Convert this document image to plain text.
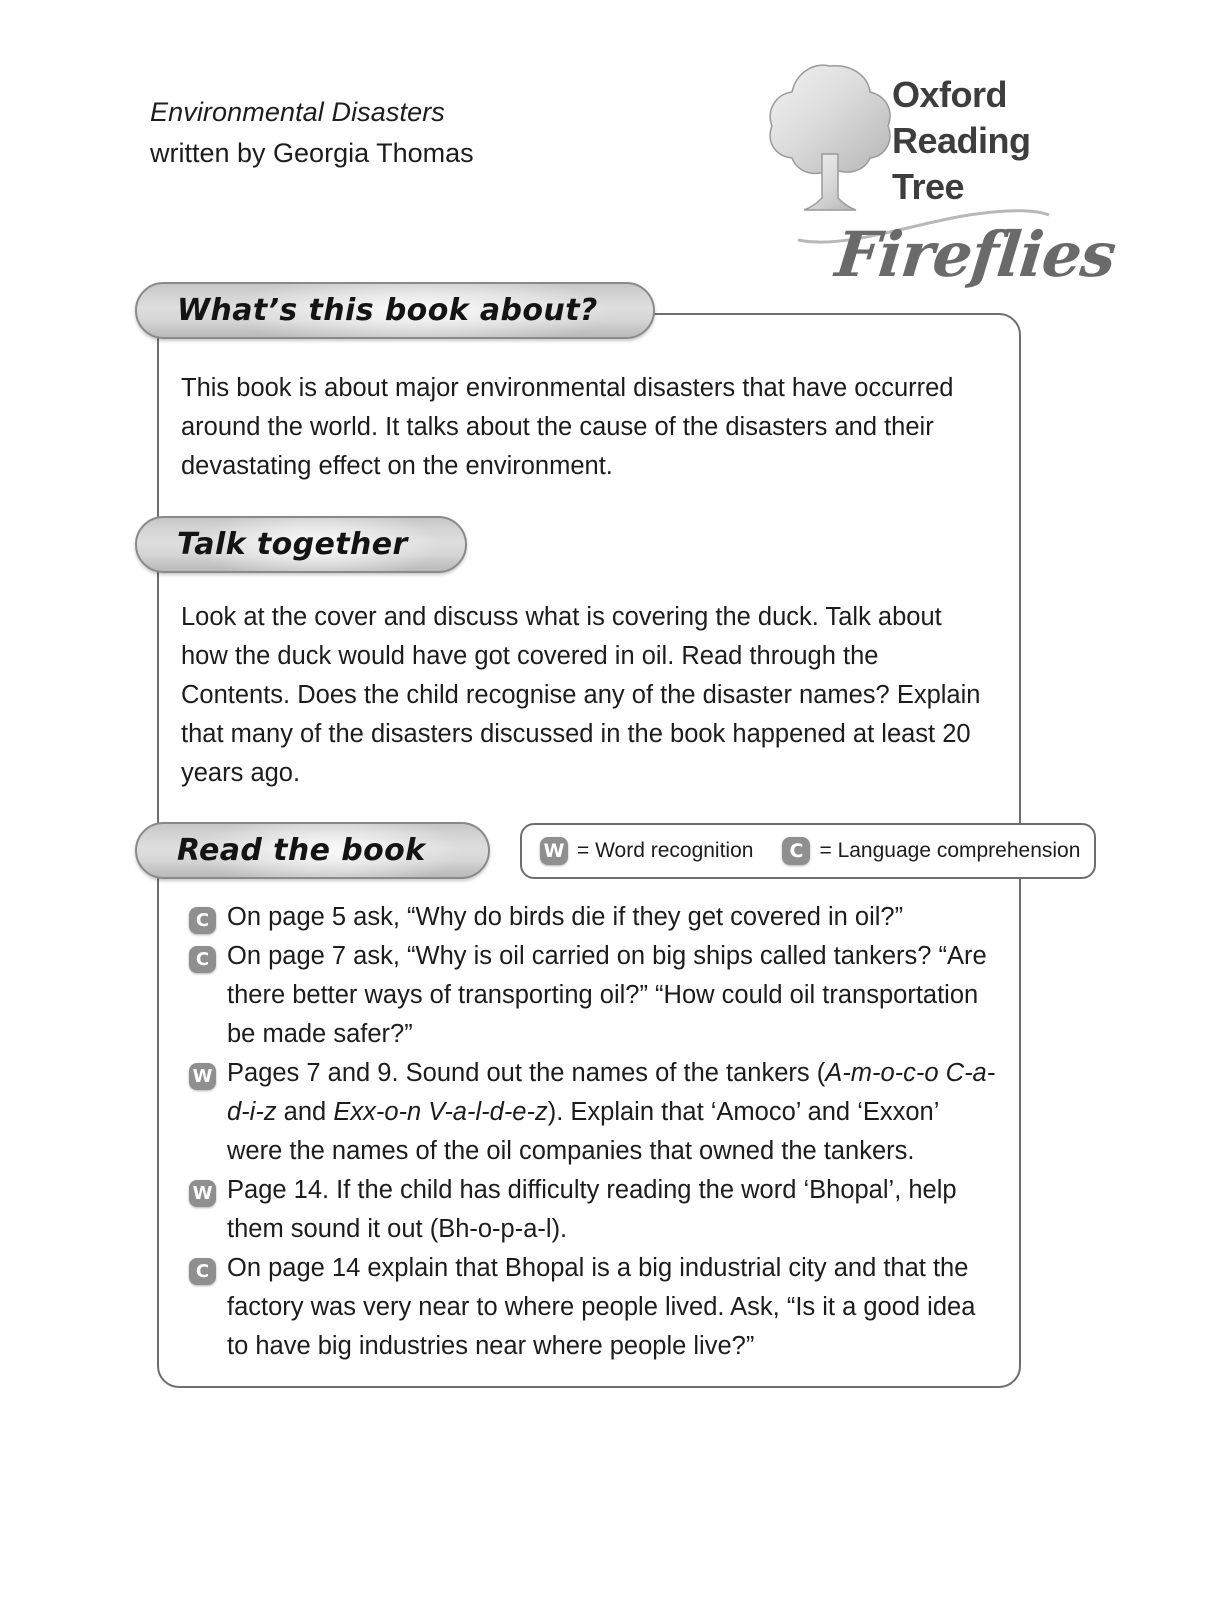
Environmental Disasters
written by Georgia Thomas
Oxford
Reading
Tree
Fireflies
What’s this book about?
This book is about major environmental disasters that have occurred around the world. It talks about the cause of the disasters and their devastating effect on the environment.
Talk together
Look at the cover and discuss what is covering the duck. Talk about how the duck would have got covered in oil. Read through the Contents. Does the child recognise any of the disaster names? Explain that many of the disasters discussed in the book happened at least 20 years ago.
Read the book	W = Word recognition	C = Language comprehension
C On page 5 ask, “Why do birds die if they get covered in oil?”
C On page 7 ask, “Why is oil carried on big ships called tankers? “Are there better ways of transporting oil?” “How could oil transportation be made safer?”
W Pages 7 and 9. Sound out the names of the tankers (A-m-o-c-o C-a-d-i-z and Exx-o-n V-a-l-d-e-z). Explain that ‘Amoco’ and ‘Exxon’ were the names of the oil companies that owned the tankers.
W Page 14. If the child has difficulty reading the word ‘Bhopal’, help them sound it out (Bh-o-p-a-l).
C On page 14 explain that Bhopal is a big industrial city and that the factory was very near to where people lived. Ask, “Is it a good idea to have big industries near where people live?”
